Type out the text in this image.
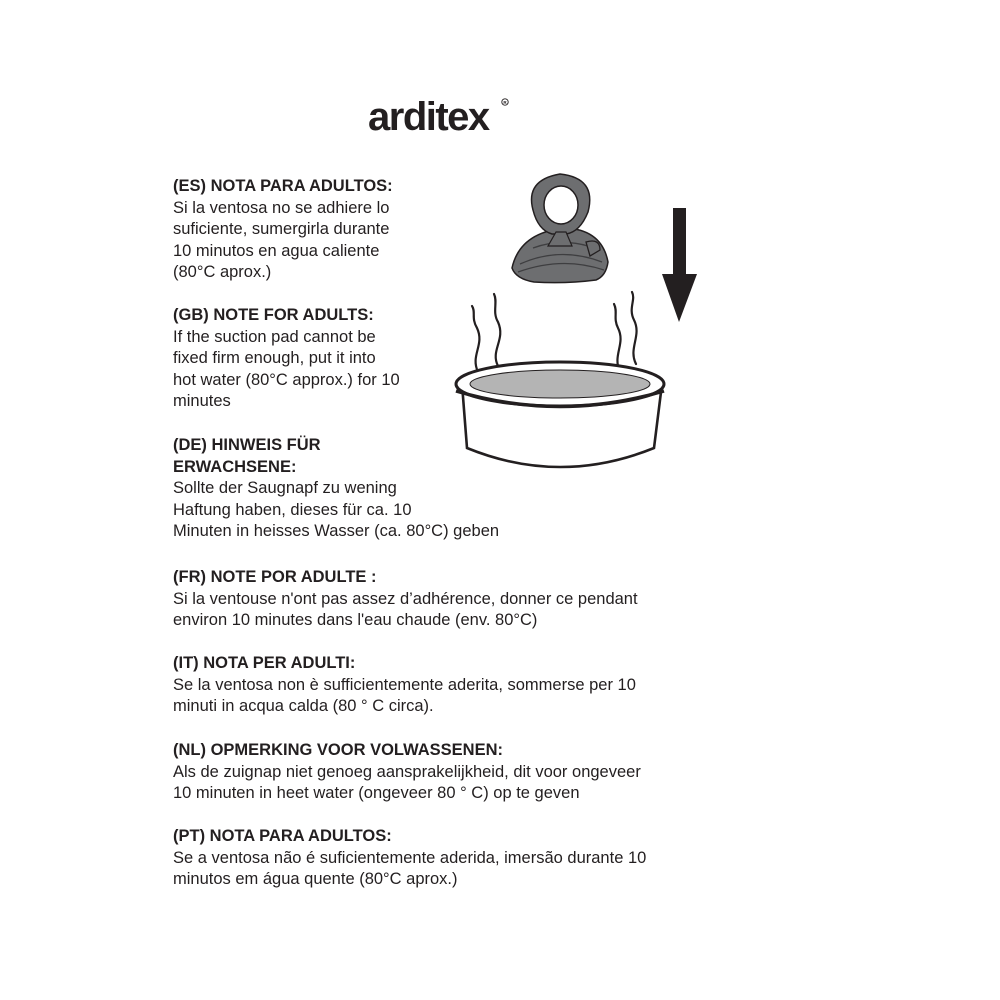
arditex	R
(ES) NOTA PARA ADULTOS:

Si la ventosa no se adhiere lo
suficiente, sumergirla durante
10 minutos en agua caliente
(80°C aprox.)

(GB) NOTE FOR ADULTS:

If the suction pad cannot be
fixed firm enough, put it into
hot water (80°C approx.) for 10
minutes

(DE) HINWEIS FÜR
ERWACHSENE:

Sollte der Saugnapf zu wening
Haftung haben, dieses für ca. 10
Minuten in heisses Wasser (ca. 80°C) geben

(FR) NOTE POR ADULTE :

Si la ventouse n'ont pas assez d’adhérence, donner ce pendant
environ 10 minutes dans l'eau chaude (env. 80°C)

(IT) NOTA PER ADULTI:

Se la ventosa non è sufficientemente aderita, sommerse per 10
minuti in acqua calda (80 ° C circa).

(NL) OPMERKING VOOR VOLWASSENEN:

Als de zuignap niet genoeg aansprakelijkheid, dit voor ongeveer
10 minuten in heet water (ongeveer 80 ° C) op te geven

(PT) NOTA PARA ADULTOS:

Se a ventosa não é suficientemente aderida, imersão durante 10
minutos em água quente (80°C aprox.)
